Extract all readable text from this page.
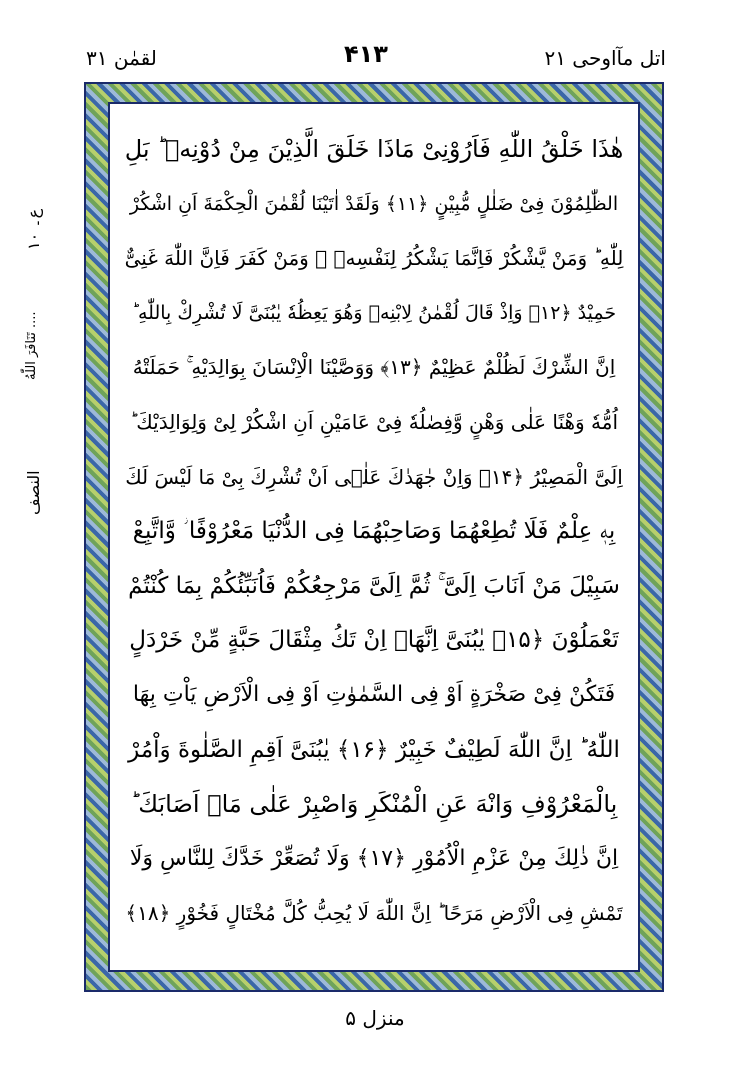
لقمٰن ۳۱	۴۱۳	اتل مآاوحی ۲۱
ع۔ ۱۰
تَنَافَرَ اللّٰهُ ....
النصف
هٰذَا خَلْقُ اللّٰهِ فَاَرُوْنِیْ مَاذَا خَلَقَ الَّذِیْنَ مِنْ دُوْنِهٖ ؕ بَلِ
الظّٰلِمُوْنَ فِیْ ضَلٰلٍ مُّبِیْنٍ ﴿۱۱﴾ وَلَقَدْ اٰتَیْنَا لُقْمٰنَ الْحِكْمَةَ اَنِ اشْكُرْ
لِلّٰهِ ؕ وَمَنْ یَّشْكُرْ فَاِنَّمَا یَشْكُرُ لِنَفْسِهٖ ۚ وَمَنْ كَفَرَ فَاِنَّ اللّٰهَ غَنِیٌّ
حَمِیْدٌ ﴿۱۲﴾ وَاِذْ قَالَ لُقْمٰنُ لِابْنِهٖ وَهُوَ یَعِظُهٗ یٰبُنَیَّ لَا تُشْرِكْ بِاللّٰهِ ؕ
اِنَّ الشِّرْكَ لَظُلْمٌ عَظِیْمٌ ﴿۱۳﴾ وَوَصَّیْنَا الْاِنْسَانَ بِوَالِدَیْهِ ۚ حَمَلَتْهُ
اُمُّهٗ وَهْنًا عَلٰی وَهْنٍ وَّفِصٰلُهٗ فِیْ عَامَیْنِ اَنِ اشْكُرْ لِیْ وَلِوَالِدَیْكَ ؕ
اِلَیَّ الْمَصِیْرُ ﴿۱۴﴾ وَاِنْ جٰهَدٰكَ عَلٰۤی اَنْ تُشْرِكَ بِیْ مَا لَیْسَ لَكَ
بِهٖ عِلْمٌ فَلَا تُطِعْهُمَا وَصَاحِبْهُمَا فِی الدُّنْیَا مَعْرُوْفًا ؗ وَّاتَّبِعْ
سَبِیْلَ مَنْ اَنَابَ اِلَیَّ ۚ ثُمَّ اِلَیَّ مَرْجِعُكُمْ فَاُنَبِّئُكُمْ بِمَا كُنْتُمْ
تَعْمَلُوْنَ ﴿۱۵﴾ یٰبُنَیَّ اِنَّهَاۤ اِنْ تَكُ مِثْقَالَ حَبَّةٍ مِّنْ خَرْدَلٍ
فَتَكُنْ فِیْ صَخْرَةٍ اَوْ فِی السَّمٰوٰتِ اَوْ فِی الْاَرْضِ یَاْتِ بِهَا
اللّٰهُ ؕ اِنَّ اللّٰهَ لَطِیْفٌ خَبِیْرٌ ﴿۱۶﴾ یٰبُنَیَّ اَقِمِ الصَّلٰوةَ وَاْمُرْ
بِالْمَعْرُوْفِ وَانْهَ عَنِ الْمُنْكَرِ وَاصْبِرْ عَلٰی مَاۤ اَصَابَكَ ؕ
اِنَّ ذٰلِكَ مِنْ عَزْمِ الْاُمُوْرِ ﴿۱۷﴾ وَلَا تُصَعِّرْ خَدَّكَ لِلنَّاسِ وَلَا
تَمْشِ فِی الْاَرْضِ مَرَحًا ؕ اِنَّ اللّٰهَ لَا یُحِبُّ كُلَّ مُخْتَالٍ فَخُوْرٍ ﴿۱۸﴾
منزل ۵
